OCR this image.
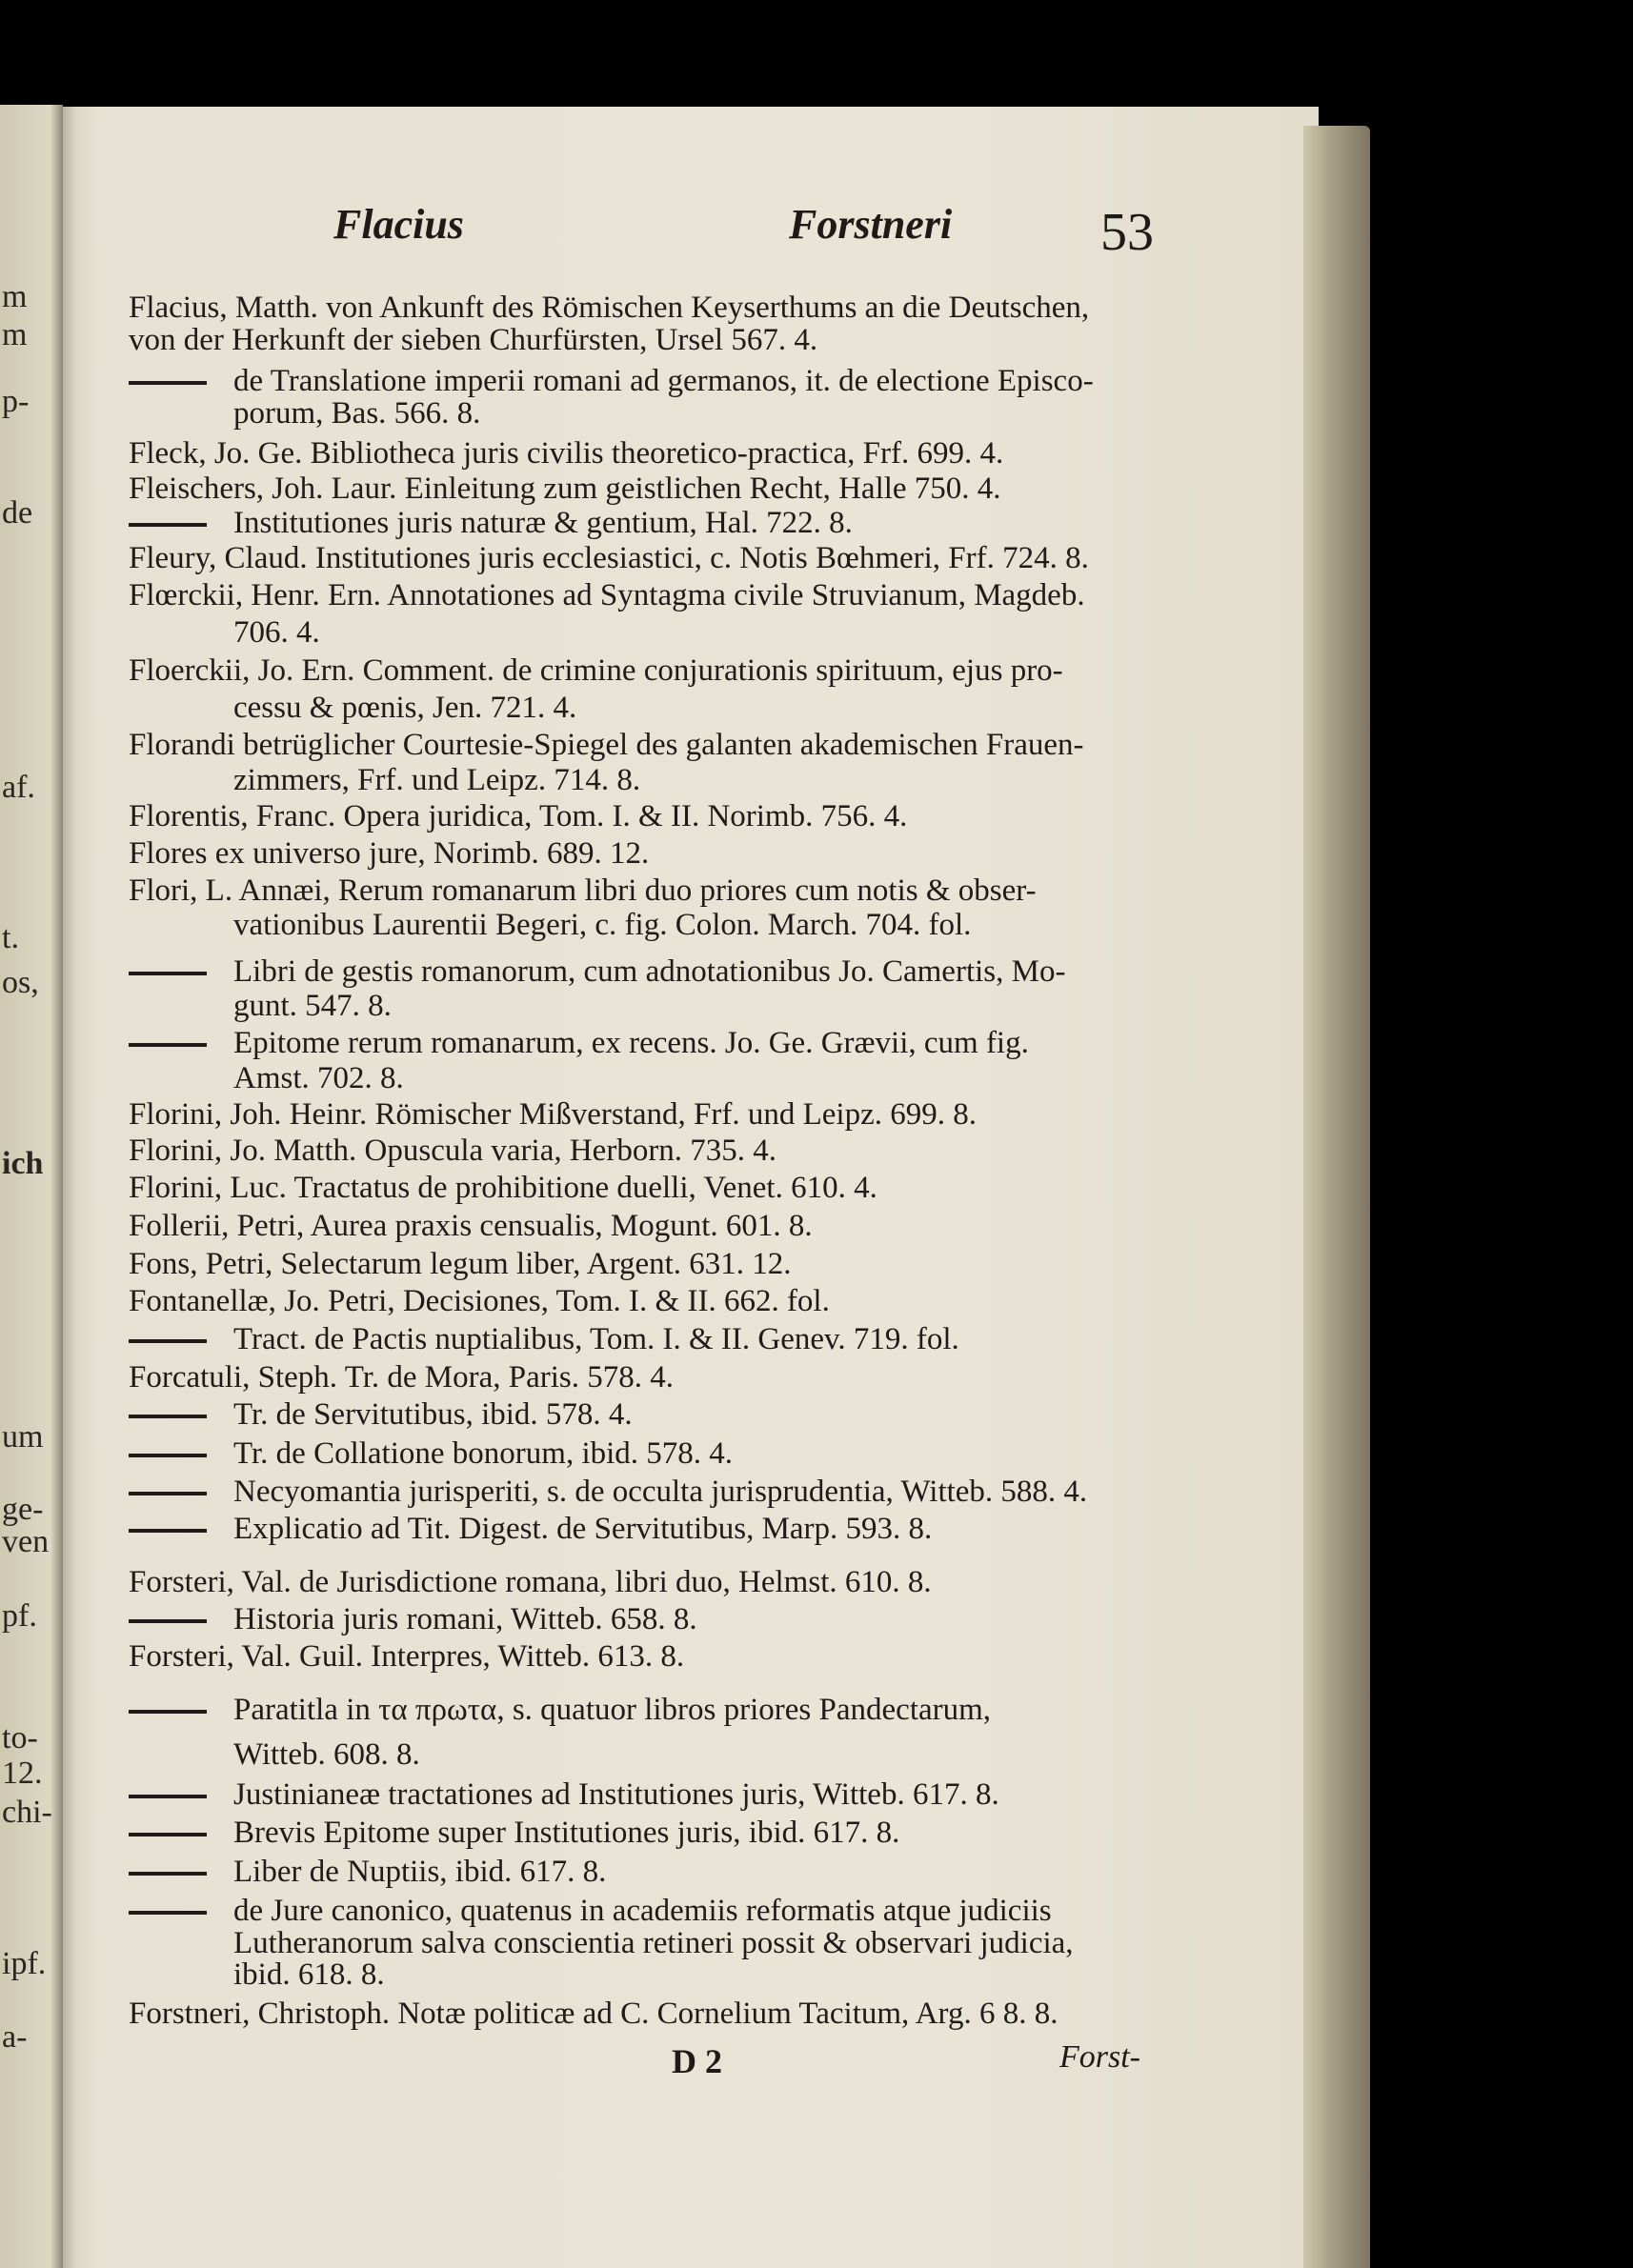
m
m
p-
de
af.
t.
os,
ich
um
ge-
ven
pf.
to-
12.
chi-
ipf.
a-
Flacius	Forstneri	53
Flacius, Matth. von Ankunft des Römischen Keyserthums an die Deutschen,
von der Herkunft der sieben Churfürsten, Ursel 567. 4.
de Translatione imperii romani ad germanos, it. de electione Episco-
porum, Bas. 566. 8.
Fleck, Jo. Ge. Bibliotheca juris civilis theoretico-practica, Frf. 699. 4.
Fleischers, Joh. Laur. Einleitung zum geistlichen Recht, Halle 750. 4.
Institutiones juris naturæ & gentium, Hal. 722. 8.
Fleury, Claud. Institutiones juris ecclesiastici, c. Notis Bœhmeri, Frf. 724. 8.
Flœrckii, Henr. Ern. Annotationes ad Syntagma civile Struvianum, Magdeb.
706. 4.
Floerckii, Jo. Ern. Comment. de crimine conjurationis spirituum, ejus pro-
cessu & pœnis, Jen. 721. 4.
Florandi betrüglicher Courtesie-Spiegel des galanten akademischen Frauen-
zimmers, Frf. und Leipz. 714. 8.
Florentis, Franc. Opera juridica, Tom. I. & II. Norimb. 756. 4.
Flores ex universo jure, Norimb. 689. 12.
Flori, L. Annæi, Rerum romanarum libri duo priores cum notis & obser-
vationibus Laurentii Begeri, c. fig. Colon. March. 704. fol.
Libri de gestis romanorum, cum adnotationibus Jo. Camertis, Mo-
gunt. 547. 8.
Epitome rerum romanarum, ex recens. Jo. Ge. Grævii, cum fig.
Amst. 702. 8.
Florini, Joh. Heinr. Römischer Mißverstand, Frf. und Leipz. 699. 8.
Florini, Jo. Matth. Opuscula varia, Herborn. 735. 4.
Florini, Luc. Tractatus de prohibitione duelli, Venet. 610. 4.
Follerii, Petri, Aurea praxis censualis, Mogunt. 601. 8.
Fons, Petri, Selectarum legum liber, Argent. 631. 12.
Fontanellæ, Jo. Petri, Decisiones, Tom. I. & II. 662. fol.
Tract. de Pactis nuptialibus, Tom. I. & II. Genev. 719. fol.
Forcatuli, Steph. Tr. de Mora, Paris. 578. 4.
Tr. de Servitutibus, ibid. 578. 4.
Tr. de Collatione bonorum, ibid. 578. 4.
Necyomantia jurisperiti, s. de occulta jurisprudentia, Witteb. 588. 4.
Explicatio ad Tit. Digest. de Servitutibus, Marp. 593. 8.
Forsteri, Val. de Jurisdictione romana, libri duo, Helmst. 610. 8.
Historia juris romani, Witteb. 658. 8.
Forsteri, Val. Guil. Interpres, Witteb. 613. 8.
Paratitla in τα πρωτα, s. quatuor libros priores Pandectarum,
Witteb. 608. 8.
Justinianeæ tractationes ad Institutiones juris, Witteb. 617. 8.
Brevis Epitome super Institutiones juris, ibid. 617. 8.
Liber de Nuptiis, ibid. 617. 8.
de Jure canonico, quatenus in academiis reformatis atque judiciis
Lutheranorum salva conscientia retineri possit & observari judicia,
ibid. 618. 8.
Forstneri, Christoph. Notæ politicæ ad C. Cornelium Tacitum, Arg. 6 8. 8.
D 2	Forst-
